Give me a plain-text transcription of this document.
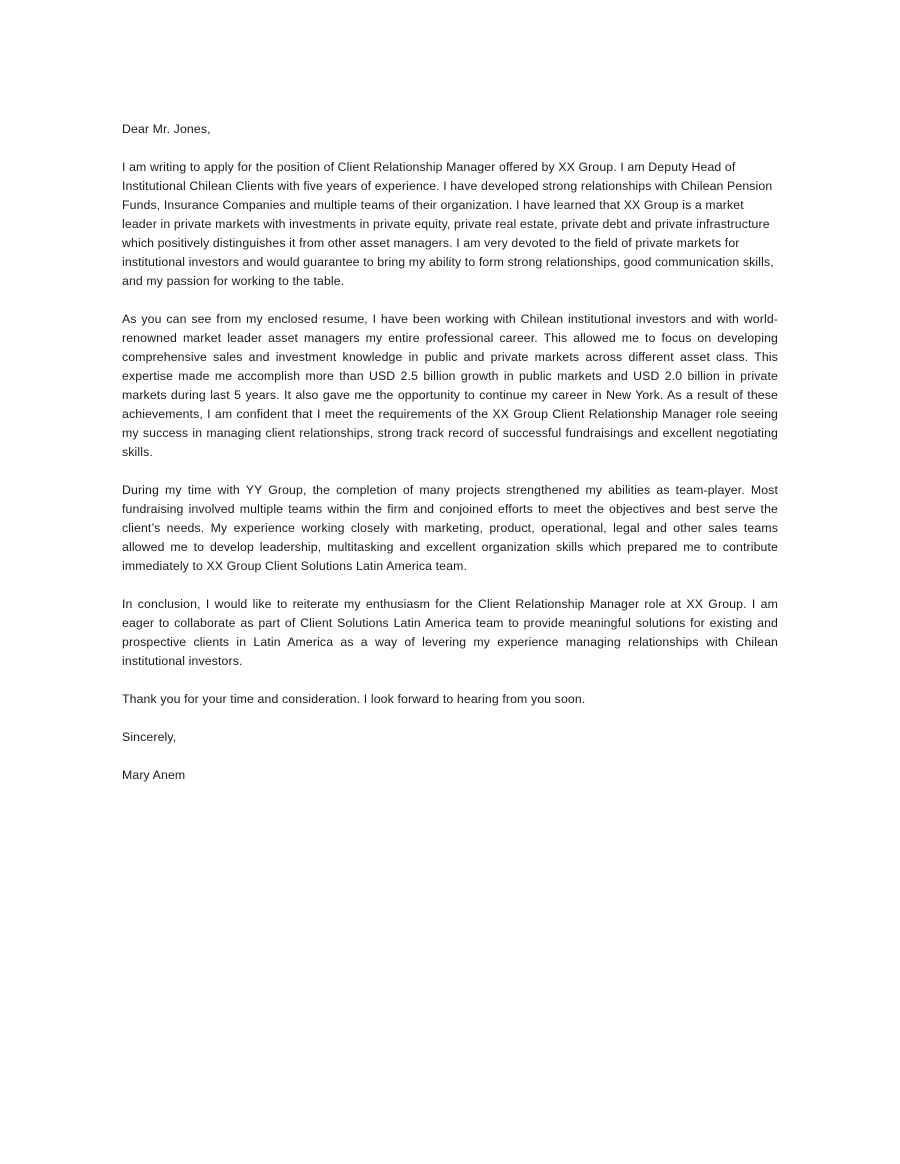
Dear Mr. Jones,

I am writing to apply for the position of Client Relationship Manager offered by XX Group. I am Deputy Head of Institutional Chilean Clients with five years of experience. I have developed strong relationships with Chilean Pension Funds, Insurance Companies and multiple teams of their organization. I have learned that XX Group is a market leader in private markets with investments in private equity, private real estate, private debt and private infrastructure which positively distinguishes it from other asset managers. I am very devoted to the field of private markets for institutional investors and would guarantee to bring my ability to form strong relationships, good communication skills, and my passion for working to the table.

As you can see from my enclosed resume, I have been working with Chilean institutional investors and with world-renowned market leader asset managers my entire professional career. This allowed me to focus on developing comprehensive sales and investment knowledge in public and private markets across different asset class. This expertise made me accomplish more than USD 2.5 billion growth in public markets and USD 2.0 billion in private markets during last 5 years. It also gave me the opportunity to continue my career in New York. As a result of these achievements, I am confident that I meet the requirements of the XX Group Client Relationship Manager role seeing my success in managing client relationships, strong track record of successful fundraisings and excellent negotiating skills.

During my time with YY Group, the completion of many projects strengthened my abilities as team-player. Most fundraising involved multiple teams within the firm and conjoined efforts to meet the objectives and best serve the client’s needs. My experience working closely with marketing, product, operational, legal and other sales teams allowed me to develop leadership, multitasking and excellent organization skills which prepared me to contribute immediately to XX Group Client Solutions Latin America team.

In conclusion, I would like to reiterate my enthusiasm for the Client Relationship Manager role at XX Group. I am eager to collaborate as part of Client Solutions Latin America team to provide meaningful solutions for existing and prospective clients in Latin America as a way of levering my experience managing relationships with Chilean institutional investors.

Thank you for your time and consideration. I look forward to hearing from you soon.

Sincerely,

Mary Anem
